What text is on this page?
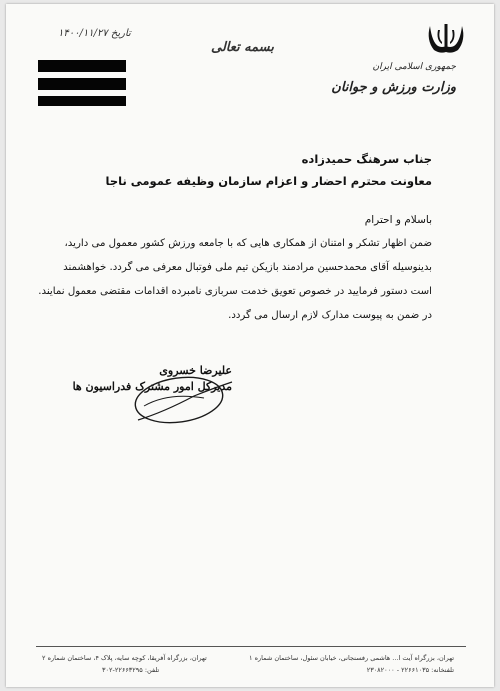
جمهوری اسلامی ایران
وزارت ورزش و جوانان
بسمه تعالی
تاریخ ۱۴۰۰/۱۱/۲۷
جناب سرهنگ حمیدزاده
معاونت محترم احضار و اعزام سازمان وظیفه عمومی ناجا
باسلام و احترام
ضمن اظهار تشکر و امتنان از همکاری هایی که با جامعه ورزش کشور معمول می دارید،
بدینوسیله آقای محمدحسین مرادمند بازیکن تیم ملی فوتبال معرفی می گردد. خواهشمند
است دستور فرمایید در خصوص تعویق خدمت سربازی نامبرده اقدامات مقتضی معمول نمایند.
در ضمن به پیوست مدارک لازم ارسال می گردد.
علیرضا خسروی
مدیرکل امور مشترک فدراسیون ها
تهران، بزرگراه آیت ا... هاشمی رفسنجانی، خیابان سئول، ساختمان شماره ۱
تلفنخانه: ۲۲۶۶۱۰۳۵ - ۲۳۰۸۲۰۰۰
تهران، بزرگراه آفریقا، کوچه سایه، پلاک ۴، ساختمان شماره ۲
تلفن: ۲۲۶۶۳۲۹۵-۳۰۲
